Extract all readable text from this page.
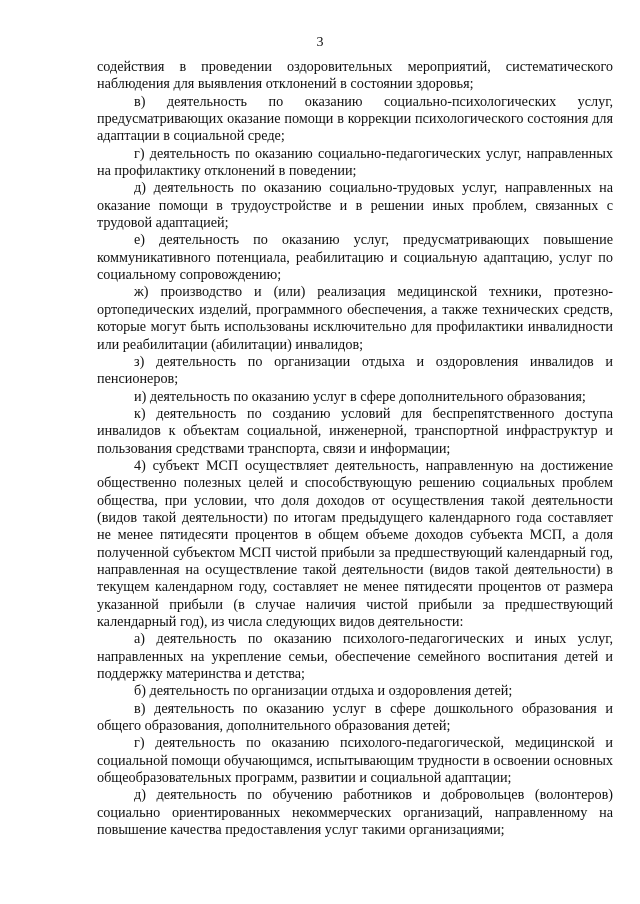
3

содействия в проведении оздоровительных мероприятий, систематического наблюдения для выявления отклонений в состоянии здоровья;

в) деятельность по оказанию социально-психологических услуг, предусматривающих оказание помощи в коррекции психологического состояния для адаптации в социальной среде;

г) деятельность по оказанию социально-педагогических услуг, направленных на профилактику отклонений в поведении;

д) деятельность по оказанию социально-трудовых услуг, направленных на оказание помощи в трудоустройстве и в решении иных проблем, связанных с трудовой адаптацией;

е) деятельность по оказанию услуг, предусматривающих повышение коммуникативного потенциала, реабилитацию и социальную адаптацию, услуг по социальному сопровождению;

ж) производство и (или) реализация медицинской техники, протезно-ортопедических изделий, программного обеспечения, а также технических средств, которые могут быть использованы исключительно для профилактики инвалидности или реабилитации (абилитации) инвалидов;

з) деятельность по организации отдыха и оздоровления инвалидов и пенсионеров;

и) деятельность по оказанию услуг в сфере дополнительного образования;

к) деятельность по созданию условий для беспрепятственного доступа инвалидов к объектам социальной, инженерной, транспортной инфраструктур и пользования средствами транспорта, связи и информации;

4) субъект МСП осуществляет деятельность, направленную на достижение общественно полезных целей и способствующую решению социальных проблем общества, при условии, что доля доходов от осуществления такой деятельности (видов такой деятельности) по итогам предыдущего календарного года составляет не менее пятидесяти процентов в общем объеме доходов субъекта МСП, а доля полученной субъектом МСП чистой прибыли за предшествующий календарный год, направленная на осуществление такой деятельности (видов такой деятельности) в текущем календарном году, составляет не менее пятидесяти процентов от размера указанной прибыли (в случае наличия чистой прибыли за предшествующий календарный год), из числа следующих видов деятельности:

а) деятельность по оказанию психолого-педагогических и иных услуг, направленных на укрепление семьи, обеспечение семейного воспитания детей и поддержку материнства и детства;

б) деятельность по организации отдыха и оздоровления детей;

в) деятельность по оказанию услуг в сфере дошкольного образования и общего образования, дополнительного образования детей;

г) деятельность по оказанию психолого-педагогической, медицинской и социальной помощи обучающимся, испытывающим трудности в освоении основных общеобразовательных программ, развитии и социальной адаптации;

д) деятельность по обучению работников и добровольцев (волонтеров) социально ориентированных некоммерческих организаций, направленному на повышение качества предоставления услуг такими организациями;
